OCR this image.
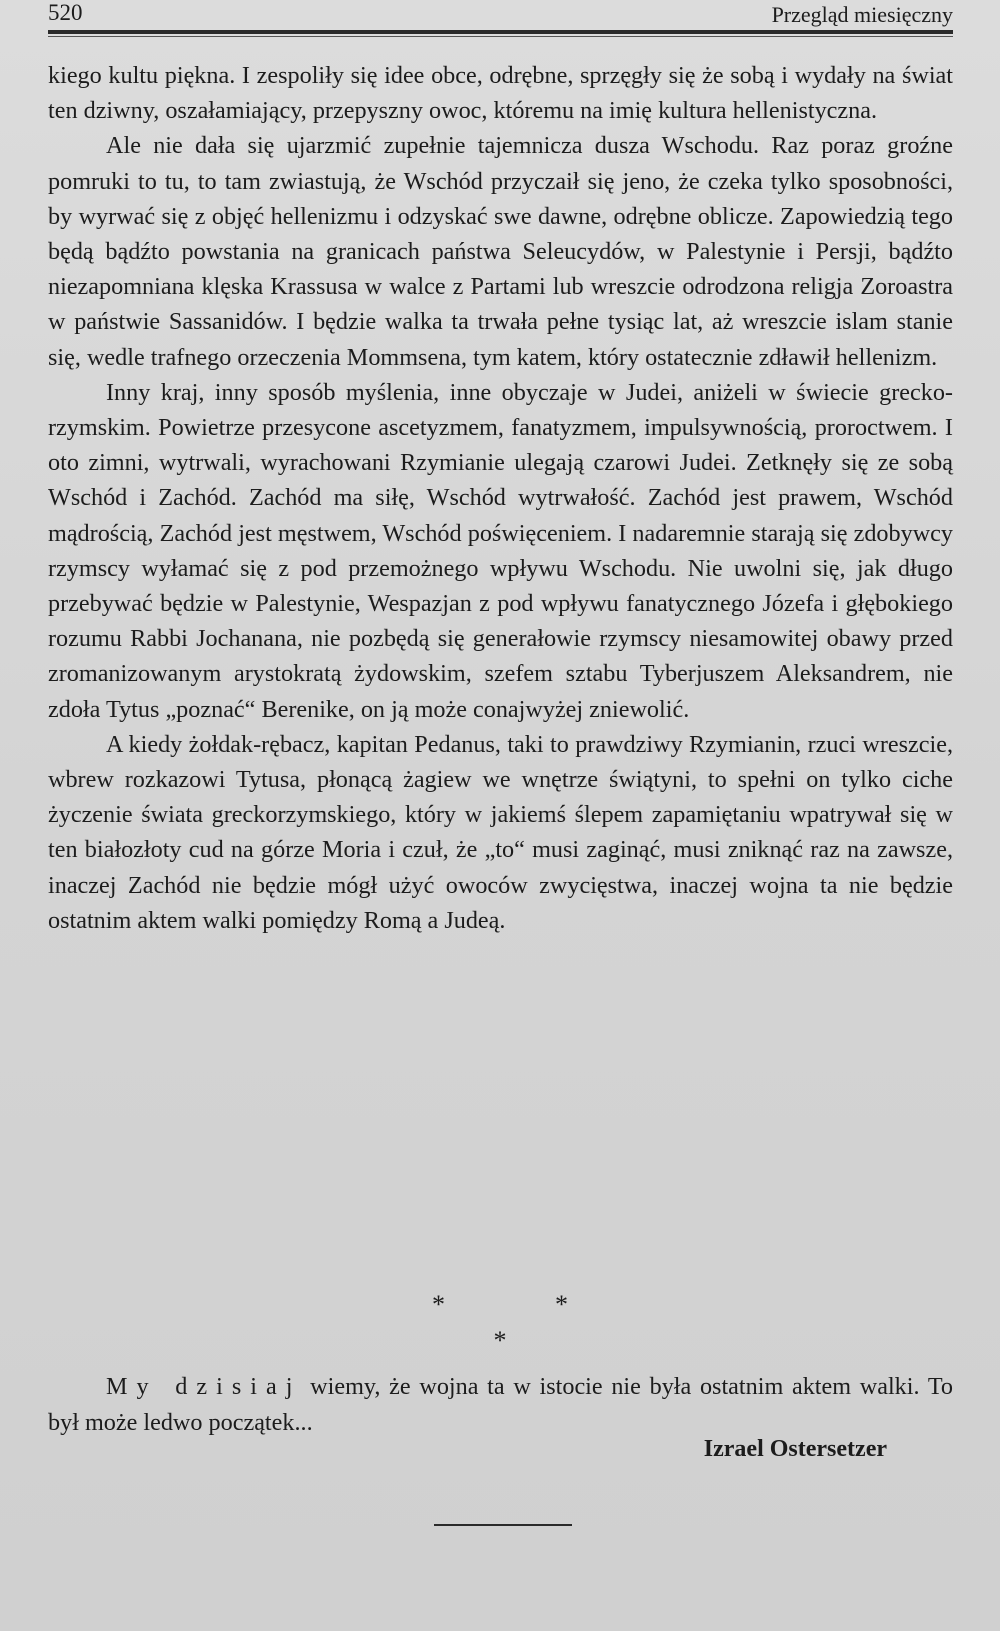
520	Przegląd miesięczny

kiego kultu piękna. I zespoliły się idee obce, odrębne, sprzęgły się że sobą i wydały na świat ten dziwny, oszałamiający, przepyszny owoc, któremu na imię kultura hellenistyczna.

Ale nie dała się ujarzmić zupełnie tajemnicza dusza Wschodu. Raz poraz groźne pomruki to tu, to tam zwiastują, że Wschód przyczaił się jeno, że czeka tylko sposobności, by wyrwać się z objęć hellenizmu i odzyskać swe dawne, odrębne oblicze. Zapowiedzią tego będą bądźto powstania na granicach państwa Seleucydów, w Palestynie i Persji, bądźto niezapomniana klęska Krassusa w walce z Partami lub wreszcie odrodzona religja Zoroastra w państwie Sassanidów. I będzie walka ta trwała pełne tysiąc lat, aż wreszcie islam stanie się, wedle trafnego orzeczenia Mommsena, tym katem, który ostatecznie zdławił hellenizm.

Inny kraj, inny sposób myślenia, inne obyczaje w Judei, aniżeli w świecie grecko-rzymskim. Powietrze przesycone ascetyzmem, fanatyzmem, impulsywnością, proroctwem. I oto zimni, wytrwali, wyrachowani Rzymianie ulegają czarowi Judei. Zetknęły się ze sobą Wschód i Zachód. Zachód ma siłę, Wschód wytrwałość. Zachód jest prawem, Wschód mądrością, Zachód jest męstwem, Wschód poświęceniem. I nadaremnie starają się zdobywcy rzymscy wyłamać się z pod przemożnego wpływu Wschodu. Nie uwolni się, jak długo przebywać będzie w Palestynie, Wespazjan z pod wpływu fanatycznego Józefa i głębokiego rozumu Rabbi Jochanana, nie pozbędą się generałowie rzymscy niesamowitej obawy przed zromanizowanym arystokratą żydowskim, szefem sztabu Tyberjuszem Aleksandrem, nie zdoła Tytus „poznać“ Berenike, on ją może conajwyżej zniewolić.

A kiedy żołdak-rębacz, kapitan Pedanus, taki to prawdziwy Rzymianin, rzuci wreszcie, wbrew rozkazowi Tytusa, płonącą żagiew we wnętrze świątyni, to spełni on tylko ciche życzenie świata greckorzymskiego, który w jakiemś ślepem zapamiętaniu wpatrywał się w ten białozłoty cud na górze Moria i czuł, że „to“ musi zaginąć, musi zniknąć raz na zawsze, inaczej Zachód nie będzie mógł użyć owoców zwycięstwa, inaczej wojna ta nie będzie ostatnim aktem walki pomiędzy Romą a Judeą.

*	*
*

My dzisiaj wiemy, że wojna ta w istocie nie była ostatnim aktem walki. To był może ledwo początek...

Izrael Ostersetzer
